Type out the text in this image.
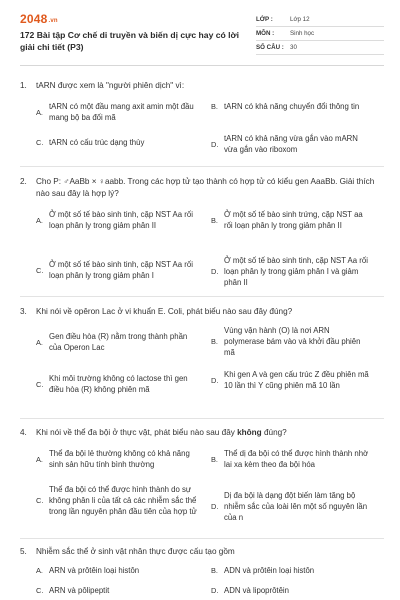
2048.vn
172 Bài tập Cơ chế di truyền và biến dị cực hay có lời giải chi tiết (P3)
LỚP :	Lớp 12
MÔN :	Sinh học
SỐ CÂU : 30
1.	tARN được xem là "người phiên dịch" vì:
A.
tARN có một đầu mang axit amin một đầu mang bộ ba đối mã
B. tARN có khả năng chuyển đổi thông tin
C. tARN có cấu trúc dạng thùy	D.
tARN có khả năng vừa gắn vào mARN vừa gắn vào riboxom
2.	Cho P: ♂AaBb × ♀aabb. Trong các hợp tử tạo thành có hợp tử có kiểu gen AaaBb. Giải thích nào sau đây là hợp lý?
A.
Ở một số tế bào sinh tinh, cặp NST Aa rối loạn phân ly trong giảm phân II
B.
Ở một số tế bào sinh trứng, cặp NST aa rối loạn phân ly trong giảm phân II
C.
Ở một số tế bào sinh tinh, cặp NST Aa rối loạn phân ly trong giảm phân I	D.
Ở một số tế bào sinh tinh, cặp NST Aa rối loạn phân ly trong giảm phân I và giảm phân II
3.	Khi nói về opêron Lac ở vi khuẩn E. Coli, phát biểu nào sau đây đúng?
A.
Gen điều hòa (R) nằm trong thành phần của Operon Lac
B.
Vùng vận hành (O) là nơi ARN polymerase bám vào và khởi đầu phiên mã
C.
Khi môi trường không có lactose thì gen điều hòa (R) không phiên mã
D.
Khi gen A và gen cấu trúc Z đều phiên mã 10 lần thì Y cũng phiên mã 10 lần
4.	Khi nói về thể đa bội ở thực vật, phát biểu nào sau đây không đúng?
A.
Thể đa bội lẻ thường không có khả năng sinh sản hữu tính bình thường
B.
Thể dị đa bội có thể được hình thành nhờ lai xa kèm theo đa bội hóa
C.
Thể đa bội có thể được hình thành do sự không phân li của tất cả các nhiễm sắc thể trong lần nguyên phân đầu tiên của hợp tử
D.
Dị đa bội là dạng đột biến làm tăng bộ nhiễm sắc của loài lên một số nguyên lần của n
5.	Nhiễm sắc thể ở sinh vật nhân thực được cấu tạo gồm
A. ARN và prôtêin loại histôn	B. ADN và prôtêin loại histôn
C. ARN và pôlipeptit	D. ADN và lipoprôtêin
